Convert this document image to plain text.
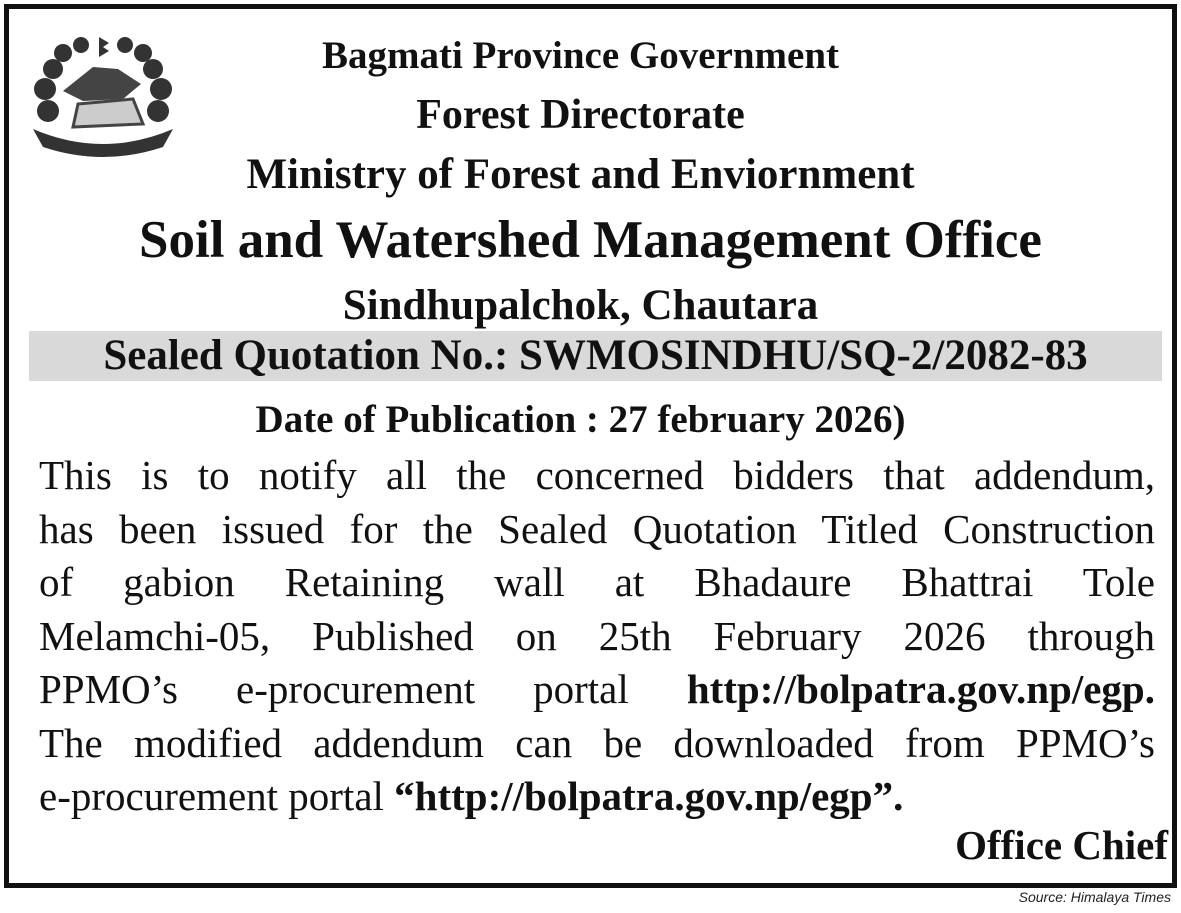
Bagmati Province Government
Forest Directorate
Ministry of Forest and Enviornment
Soil and Watershed Management Office
Sindhupalchok, Chautara
Sealed Quotation No.: SWMOSINDHU/SQ-2/2082-83
Date of Publication : 27 february 2026)
This is to notify all the concerned bidders that addendum,
has been issued for the Sealed Quotation Titled Construction
of gabion Retaining wall at Bhadaure Bhattrai Tole
Melamchi-05, Published on 25th February 2026 through
PPMO’s e-procurement portal http://bolpatra.gov.np/egp.
The modified addendum can be downloaded from PPMO’s
e-procurement portal “http://bolpatra.gov.np/egp”.
Office Chief
Source: Himalaya Times
